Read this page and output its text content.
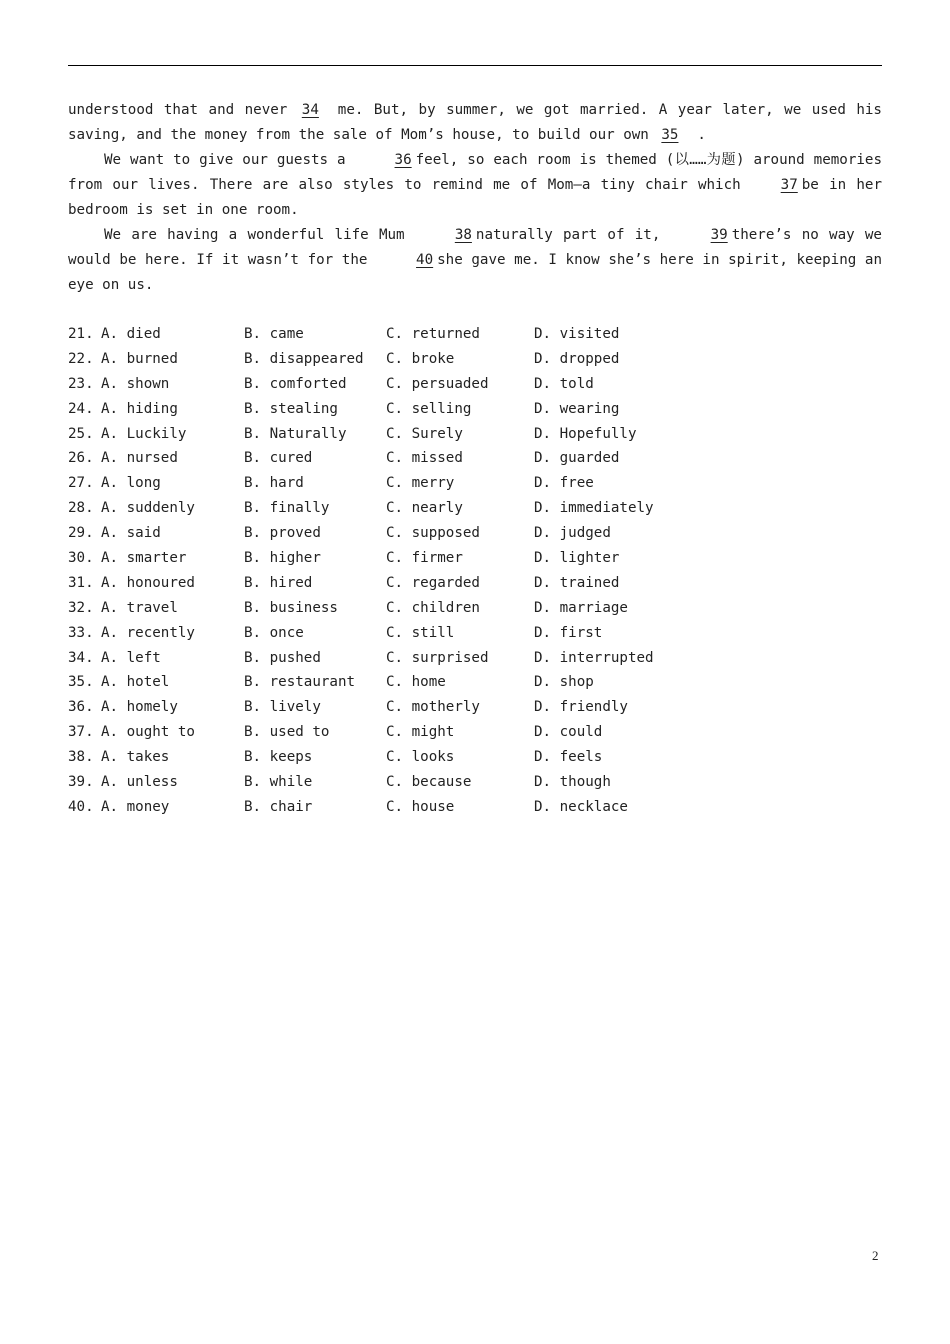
understood that and never 34 me. But, by summer, we got married. A year later, we used his saving, and the money from the sale of Mom’s house, to build our own 35 .

We want to give our guests a	36 feel, so each room is themed (以……为题) around memories from our lives. There are also styles to remind me of Mom—a tiny chair which	37 be in her bedroom is set in one room.

We are having a wonderful life Mum	38 naturally part of it,	39 there’s no way we would be here. If it wasn’t for the	40 she gave me. I know she’s here in spirit, keeping an eye on us.

21. A. died	B. came	C. returned	D. visited
22. A. burned	B. disappeared C. broke	D. dropped
23. A. shown	B. comforted	C. persuaded	D. told
24. A. hiding	B. stealing	C. selling	D. wearing
25. A. Luckily	B. Naturally	C. Surely	D. Hopefully
26. A. nursed	B. cured	C. missed	D. guarded
27. A. long	B. hard	C. merry	D. free
28. A. suddenly	B. finally	C. nearly	D. immediately
29. A. said	B. proved	C. supposed	D. judged
30. A. smarter	B. higher	C. firmer	D. lighter
31. A. honoured	B. hired	C. regarded	D. trained
32. A. travel	B. business	C. children	D. marriage
33. A. recently	B. once	C. still	D. first
34. A. left	B. pushed	C. surprised	D. interrupted
35. A. hotel	B. restaurant C. home	D. shop
36. A. homely	B. lively	C. motherly	D. friendly
37. A. ought to	B. used to	C. might	D. could
38. A. takes	B. keeps	C. looks	D. feels
39. A. unless	B. while	C. because	D. though
40. A. money	B. chair	C. house	D. necklace
2
